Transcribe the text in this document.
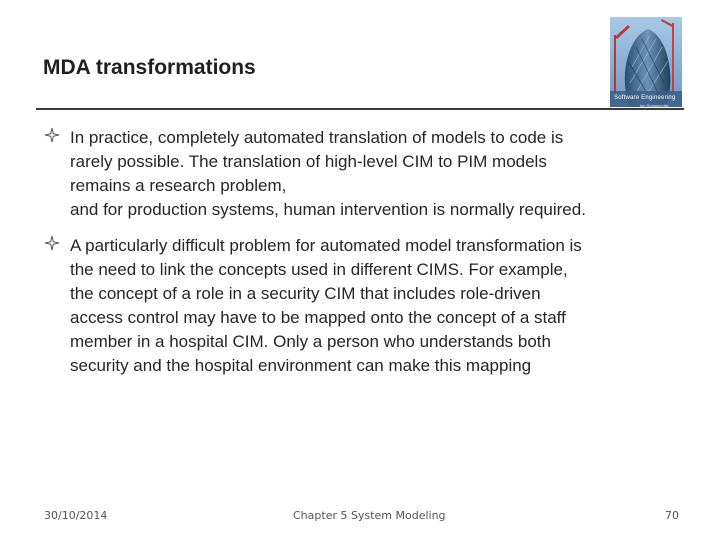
MDA transformations
Software Engineering
Ian Sommerville
In practice, completely automated translation of models to code is
rarely possible. The translation of high-level CIM to PIM models
remains a research problem,
and for production systems, human intervention is normally required.
A particularly difficult problem for automated model transformation is
the need to link the concepts used in different CIMS. For example,
the concept of a role in a security CIM that includes role-driven
access control may have to be mapped onto the concept of a staff
member in a hospital CIM. Only a person who understands both
security and the hospital environment can make this mapping
30/10/2014	Chapter 5 System Modeling	70
